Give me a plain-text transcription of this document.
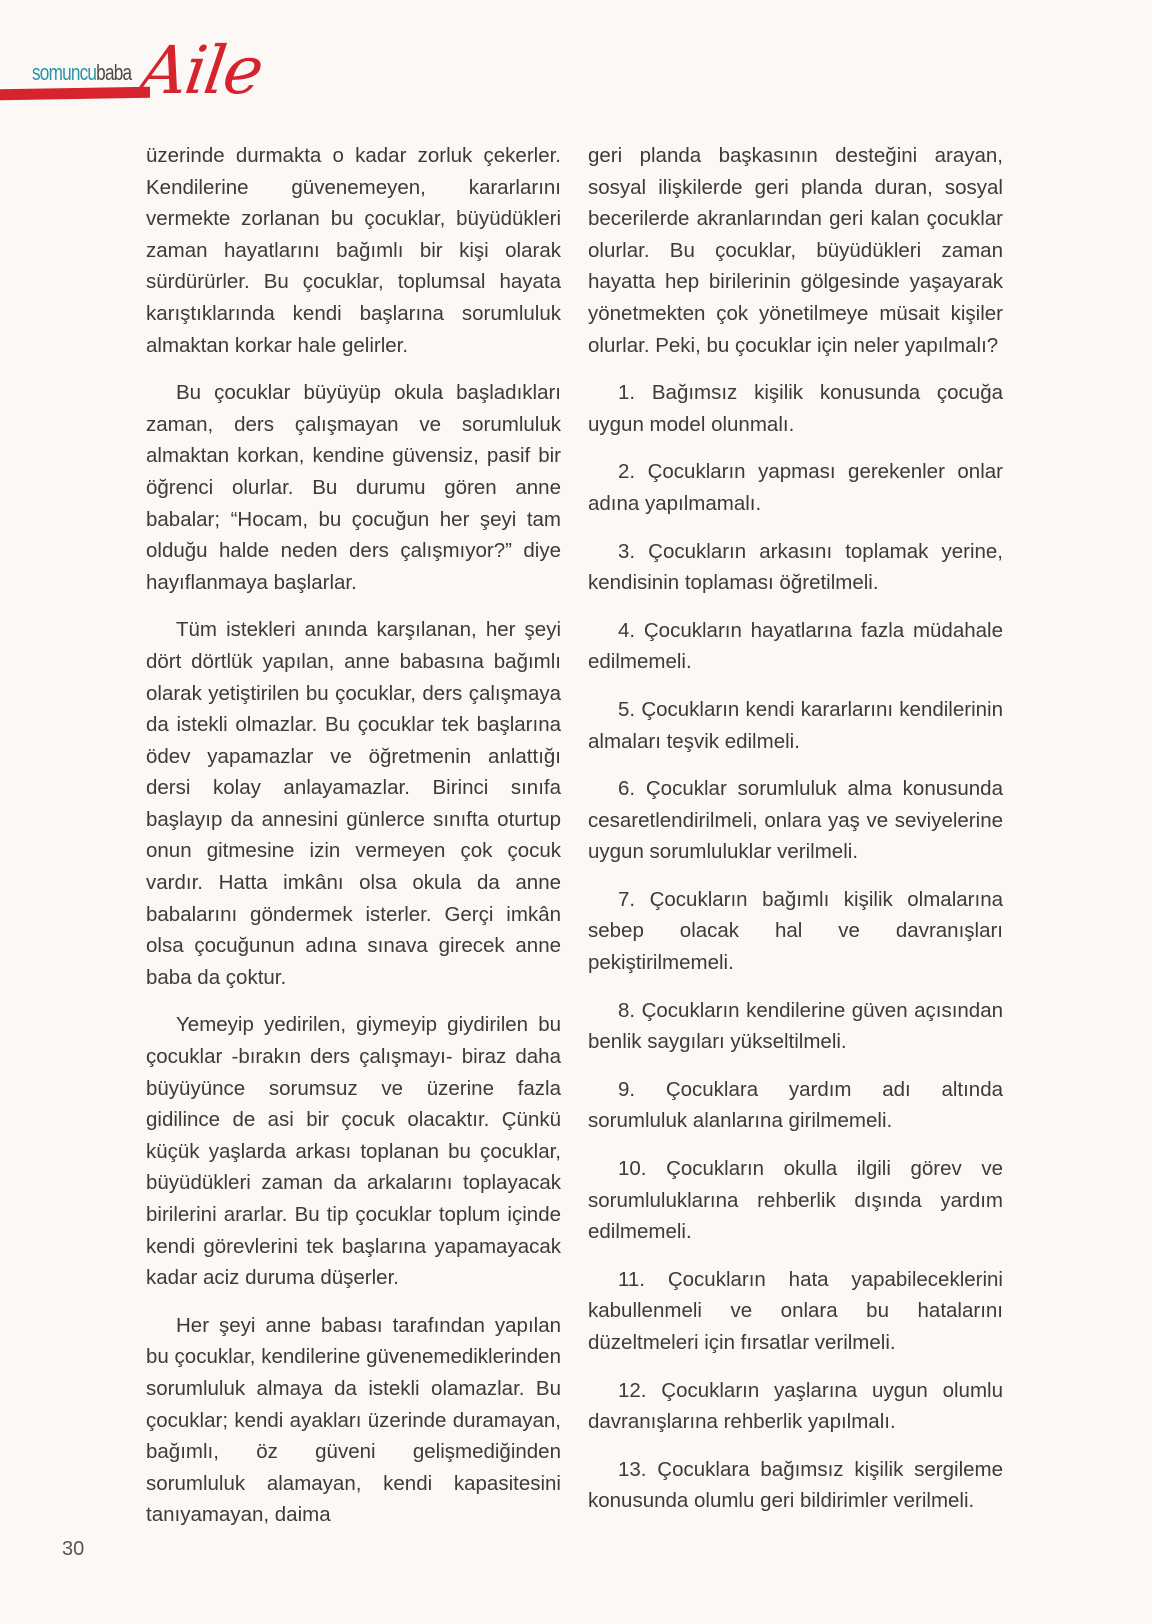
somuncubaba Aile

üzerinde durmakta o kadar zorluk çekerler. Kendilerine güvenemeyen, kararlarını vermekte zorlanan bu çocuklar, büyüdükleri zaman hayatlarını bağımlı bir kişi olarak sürdürürler. Bu çocuklar, toplumsal hayata karıştıklarında kendi başlarına sorumluluk almaktan korkar hale gelirler.

Bu çocuklar büyüyüp okula başladıkları zaman, ders çalışmayan ve sorumluluk almaktan korkan, kendine güvensiz, pasif bir öğrenci olurlar. Bu durumu gören anne babalar; “Hocam, bu çocuğun her şeyi tam olduğu halde neden ders çalışmıyor?” diye hayıflanmaya başlarlar.

Tüm istekleri anında karşılanan, her şeyi dört dörtlük yapılan, anne babasına bağımlı olarak yetiştirilen bu çocuklar, ders çalışmaya da istekli olmazlar. Bu çocuklar tek başlarına ödev yapamazlar ve öğretmenin anlattığı dersi kolay anlayamazlar. Birinci sınıfa başlayıp da annesini günlerce sınıfta oturtup onun gitmesine izin vermeyen çok çocuk vardır. Hatta imkânı olsa okula da anne babalarını göndermek isterler. Gerçi imkân olsa çocuğunun adına sınava girecek anne baba da çoktur.

Yemeyip yedirilen, giymeyip giydirilen bu çocuklar -bırakın ders çalışmayı- biraz daha büyüyünce sorumsuz ve üzerine fazla gidilince de asi bir çocuk olacaktır. Çünkü küçük yaşlarda arkası toplanan bu çocuklar, büyüdükleri zaman da arkalarını toplayacak birilerini ararlar. Bu tip çocuklar toplum içinde kendi görevlerini tek başlarına yapamayacak kadar aciz duruma düşerler.

Her şeyi anne babası tarafından yapılan bu çocuklar, kendilerine güvenemediklerinden sorumluluk almaya da istekli olamazlar. Bu çocuklar; kendi ayakları üzerinde duramayan, bağımlı, öz güveni gelişmediğinden sorumluluk alamayan, kendi kapasitesini tanıyamayan, daima

geri planda başkasının desteğini arayan, sosyal ilişkilerde geri planda duran, sosyal becerilerde akranlarından geri kalan çocuklar olurlar. Bu çocuklar, büyüdükleri zaman hayatta hep birilerinin gölgesinde yaşayarak yönetmekten çok yönetilmeye müsait kişiler olurlar. Peki, bu çocuklar için neler yapılmalı?

1. Bağımsız kişilik konusunda çocuğa uygun model olunmalı.

2. Çocukların yapması gerekenler onlar adına yapılmamalı.

3. Çocukların arkasını toplamak yerine, kendisinin toplaması öğretilmeli.

4. Çocukların hayatlarına fazla müdahale edilmemeli.

5. Çocukların kendi kararlarını kendilerinin almaları teşvik edilmeli.

6. Çocuklar sorumluluk alma konusunda cesaretlendirilmeli, onlara yaş ve seviyelerine uygun sorumluluklar verilmeli.

7. Çocukların bağımlı kişilik olmalarına sebep olacak hal ve davranışları pekiştirilmemeli.

8. Çocukların kendilerine güven açısından benlik saygıları yükseltilmeli.

9. Çocuklara yardım adı altında sorumluluk alanlarına girilmemeli.

10. Çocukların okulla ilgili görev ve sorumluluklarına rehberlik dışında yardım edilmemeli.

11. Çocukların hata yapabileceklerini kabullenmeli ve onlara bu hatalarını düzeltmeleri için fırsatlar verilmeli.

12. Çocukların yaşlarına uygun olumlu davranışlarına rehberlik yapılmalı.

13. Çocuklara bağımsız kişilik sergileme konusunda olumlu geri bildirimler verilmeli.

30
